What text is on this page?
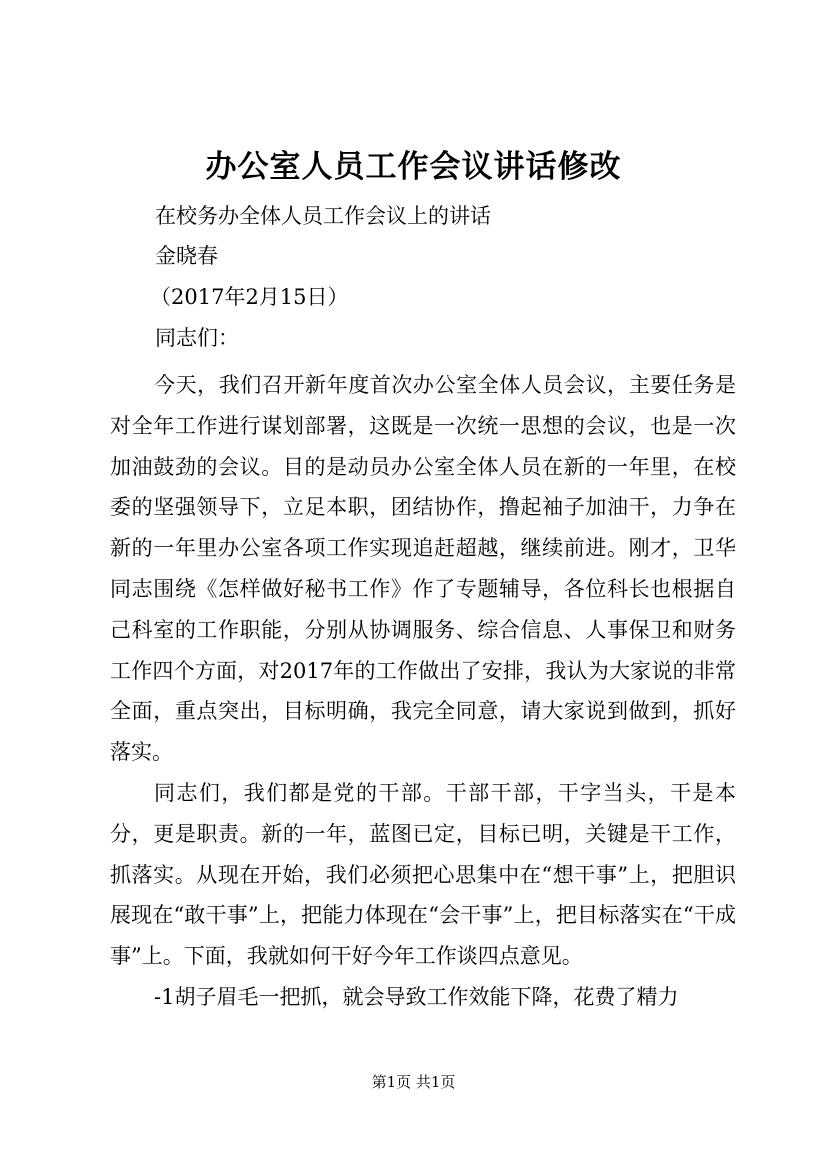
办公室人员工作会议讲话修改
在校务办全体人员工作会议上的讲话
金晓春
（2017年2月15日）
同志们：

今天，我们召开新年度首次办公室全体人员会议，主要任务是对全年工作进行谋划部署，这既是一次统一思想的会议，也是一次加油鼓劲的会议。目的是动员办公室全体人员在新的一年里，在校委的坚强领导下，立足本职，团结协作，撸起袖子加油干，力争在新的一年里办公室各项工作实现追赶超越，继续前进。刚才，卫华同志围绕《怎样做好秘书工作》作了专题辅导，各位科长也根据自己科室的工作职能，分别从协调服务、综合信息、人事保卫和财务工作四个方面，对2017年的工作做出了安排，我认为大家说的非常全面，重点突出，目标明确，我完全同意，请大家说到做到，抓好落实。

同志们，我们都是党的干部。干部干部，干字当头，干是本分，更是职责。新的一年，蓝图已定，目标已明，关键是干工作，抓落实。从现在开始，我们必须把心思集中在“想干事”上，把胆识展现在“敢干事”上，把能力体现在“会干事”上，把目标落实在“干成事”上。下面，我就如何干好今年工作谈四点意见。

-1胡子眉毛一把抓，就会导致工作效能下降，花费了精力

第1页 共1页
